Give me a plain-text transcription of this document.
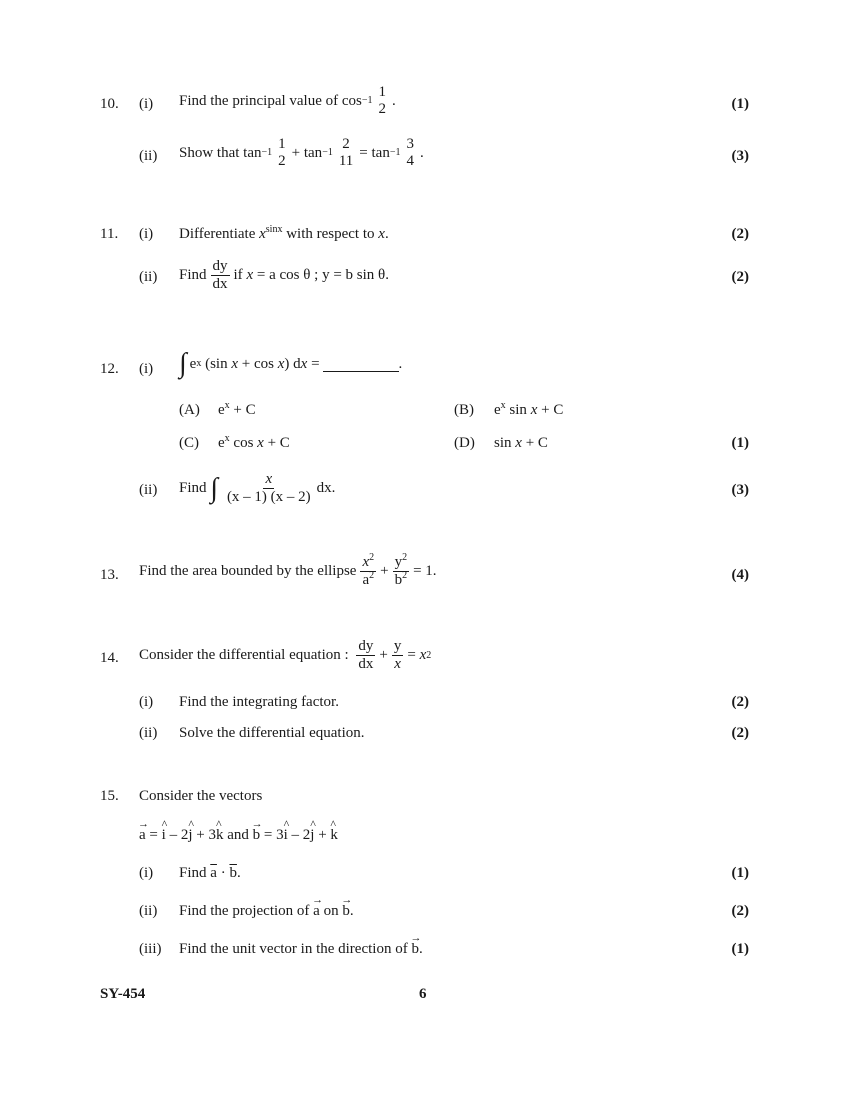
10. (i) Find the principal value of cos −1
1
2
.	(1)
(ii) Show that tan −1
1
2
+ tan −1
2
11
= tan −1
3
4
.	(3)
11. (i) Differentiate $x^{sinx}$ with respect to x.	(2)
(ii) Find $\frac{dy}{dx}$ if
x
= a cos θ ; y = b sin θ.	(2)
12. (i) ∫ e x
(sin
x
+ cos
x ) d x
=	.
(A) $e^x + C$	(B) $e^x$ sin x + C
(C) $e^x$ cos x + C	(D) sin x + C	(1)
(ii) Find
∫ $\frac{x}{(x - 1) (x - 2)}$ dx.	(3)
13. Find the area bounded by the ellipse $\frac{x^2}{a^2} + \frac{y^2}{b^2} = 1$.	(4)
14. Consider the differential equation :
$\frac{dy}{dx} + \frac{y}{x}$ =
x 2
(i) Find the integrating factor.	(2)
(ii) Solve the differential equation.	(2)
15. Consider the vectors
→ a = ^ i – 2^ j + 3^ k and → b = 3^ i – 2^ j + ^ k
(i) Find $\overline{a} \cdot \overline{b}$.	(1)
(ii) Find the projection of → a on → b.	(2)
(iii) Find the unit vector in the direction of → b.	(1)
SY-454	6
